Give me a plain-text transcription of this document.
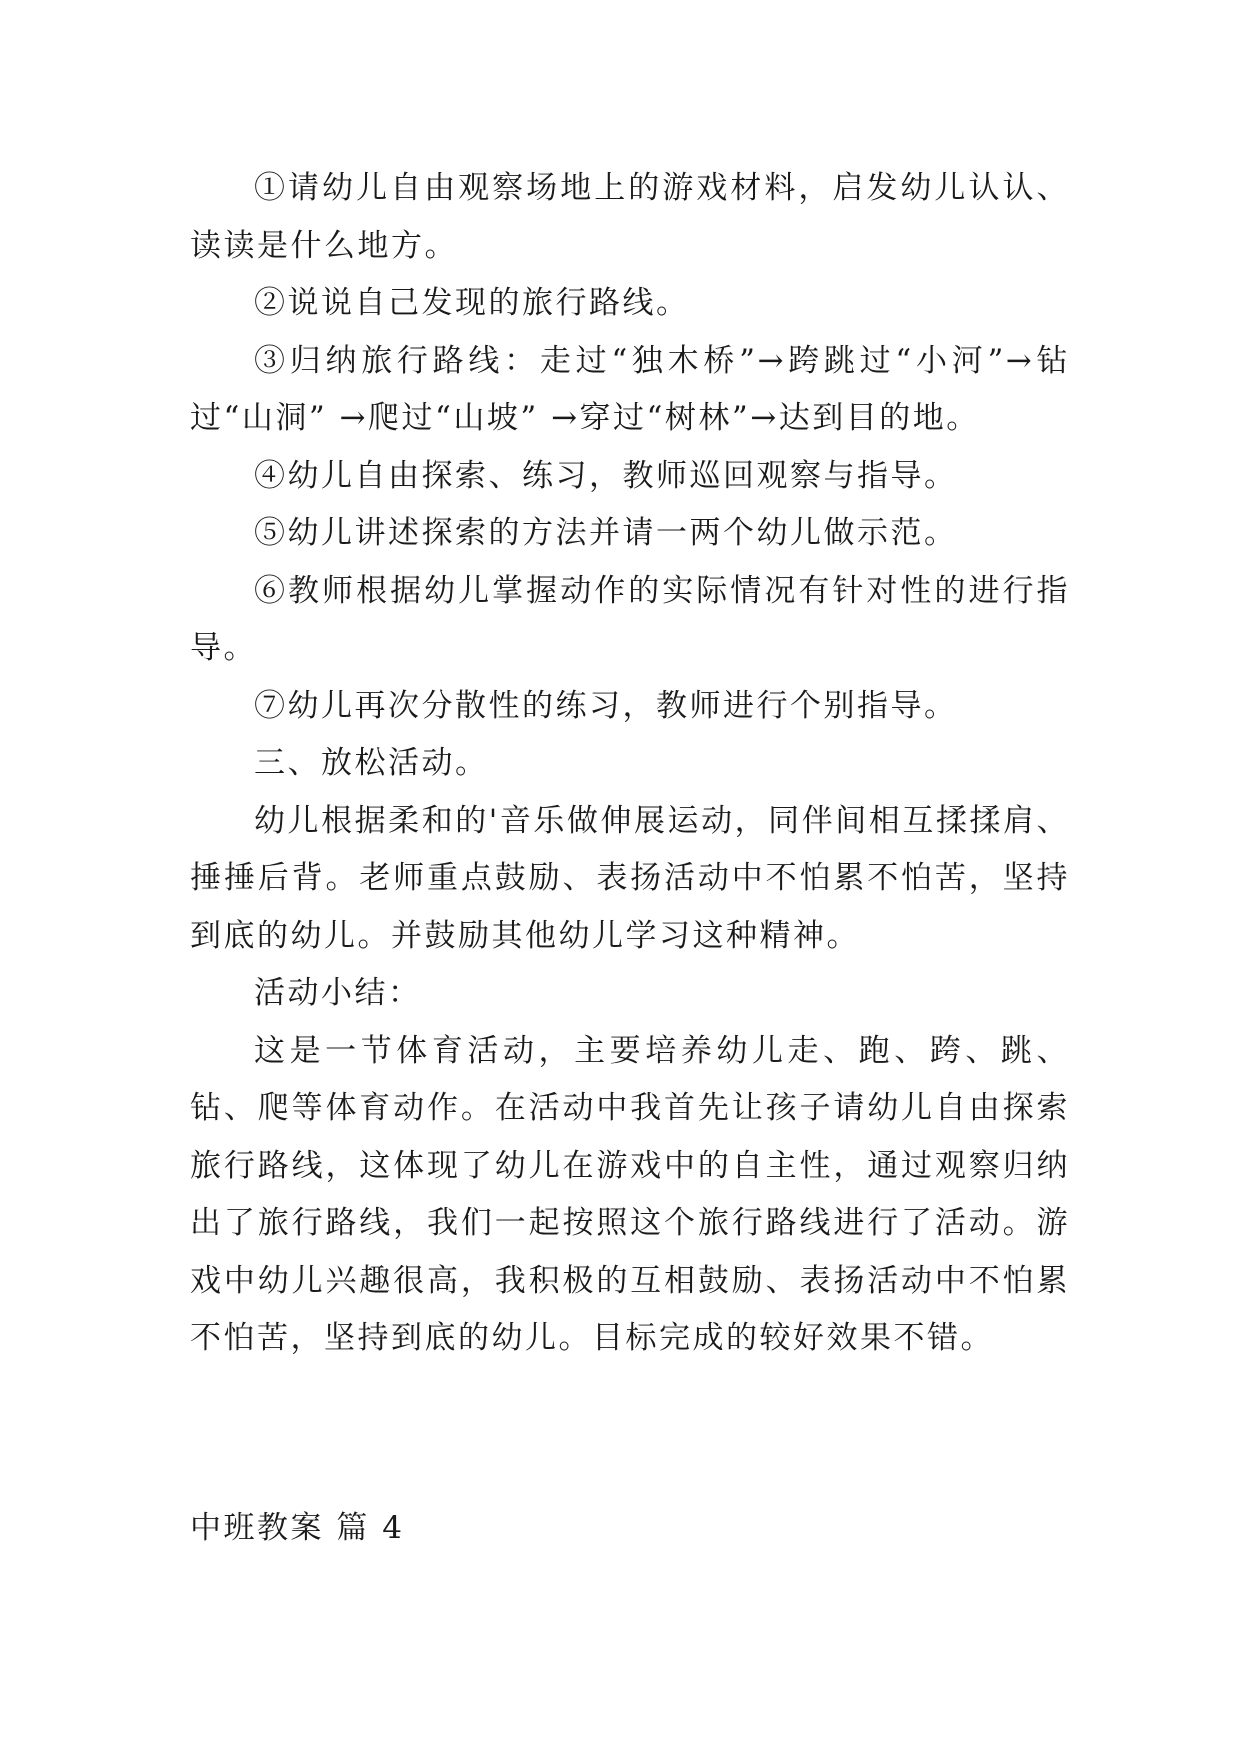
①请幼儿自由观察场地上的游戏材料，启发幼儿认认、读读是什么地方。

②说说自己发现的旅行路线。

③归纳旅行路线：走过“独木桥”→跨跳过“小河”→钻过“山洞” →爬过“山坡” →穿过“树林”→达到目的地。

④幼儿自由探索、练习，教师巡回观察与指导。

⑤幼儿讲述探索的方法并请一两个幼儿做示范。

⑥教师根据幼儿掌握动作的实际情况有针对性的进行指导。

⑦幼儿再次分散性的练习，教师进行个别指导。

三、放松活动。

幼儿根据柔和的'音乐做伸展运动，同伴间相互揉揉肩、捶捶后背。老师重点鼓励、表扬活动中不怕累不怕苦，坚持到底的幼儿。并鼓励其他幼儿学习这种精神。

活动小结：

这是一节体育活动，主要培养幼儿走、跑、跨、跳、钻、爬等体育动作。在活动中我首先让孩子请幼儿自由探索旅行路线，这体现了幼儿在游戏中的自主性，通过观察归纳出了旅行路线，我们一起按照这个旅行路线进行了活动。游戏中幼儿兴趣很高，我积极的互相鼓励、表扬活动中不怕累不怕苦，坚持到底的幼儿。目标完成的较好效果不错。

中班教案 篇 4
